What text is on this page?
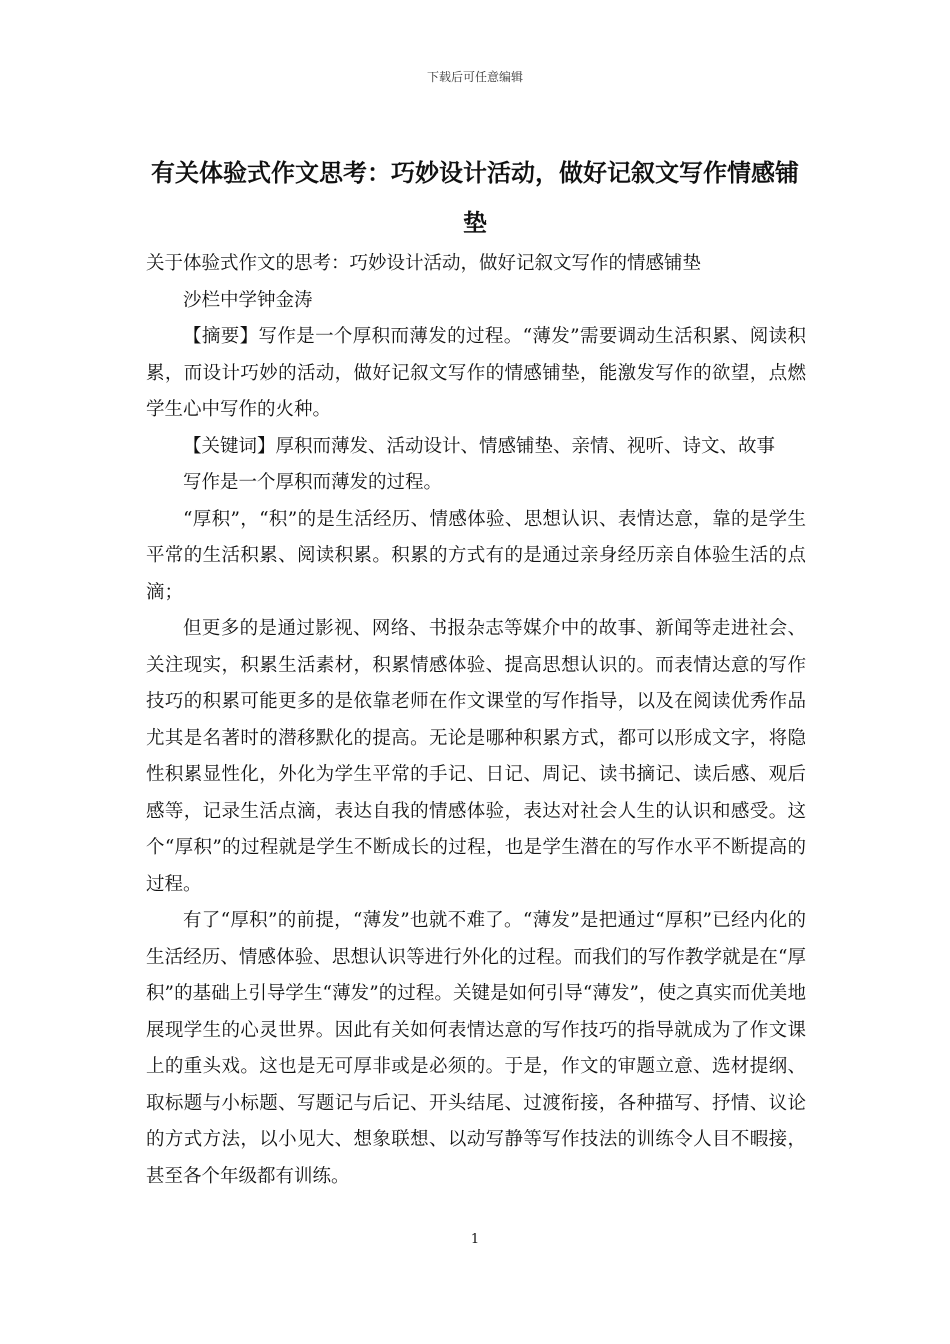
下载后可任意编辑
有关体验式作文思考：巧妙设计活动，做好记叙文写作情感铺垫

关于体验式作文的思考：巧妙设计活动，做好记叙文写作的情感铺垫

沙栏中学钟金涛

【摘要】写作是一个厚积而薄发的过程。“薄发”需要调动生活积累、阅读积累，而设计巧妙的活动，做好记叙文写作的情感铺垫，能激发写作的欲望，点燃学生心中写作的火种。

【关键词】厚积而薄发、活动设计、情感铺垫、亲情、视听、诗文、故事

写作是一个厚积而薄发的过程。

“厚积”，“积”的是生活经历、情感体验、思想认识、表情达意，靠的是学生平常的生活积累、阅读积累。积累的方式有的是通过亲身经历亲自体验生活的点滴；

但更多的是通过影视、网络、书报杂志等媒介中的故事、新闻等走进社会、关注现实，积累生活素材，积累情感体验、提高思想认识的。而表情达意的写作技巧的积累可能更多的是依靠老师在作文课堂的写作指导，以及在阅读优秀作品尤其是名著时的潜移默化的提高。无论是哪种积累方式，都可以形成文字，将隐性积累显性化，外化为学生平常的手记、日记、周记、读书摘记、读后感、观后感等，记录生活点滴，表达自我的情感体验，表达对社会人生的认识和感受。这个“厚积”的过程就是学生不断成长的过程，也是学生潜在的写作水平不断提高的过程。

有了“厚积”的前提，“薄发”也就不难了。“薄发”是把通过“厚积”已经内化的生活经历、情感体验、思想认识等进行外化的过程。而我们的写作教学就是在“厚积”的基础上引导学生“薄发”的过程。关键是如何引导“薄发”，使之真实而优美地展现学生的心灵世界。因此有关如何表情达意的写作技巧的指导就成为了作文课上的重头戏。这也是无可厚非或是必须的。于是，作文的审题立意、选材提纲、取标题与小标题、写题记与后记、开头结尾、过渡衔接，各种描写、抒情、议论的方式方法，以小见大、想象联想、以动写静等写作技法的训练令人目不暇接，甚至各个年级都有训练。

1
